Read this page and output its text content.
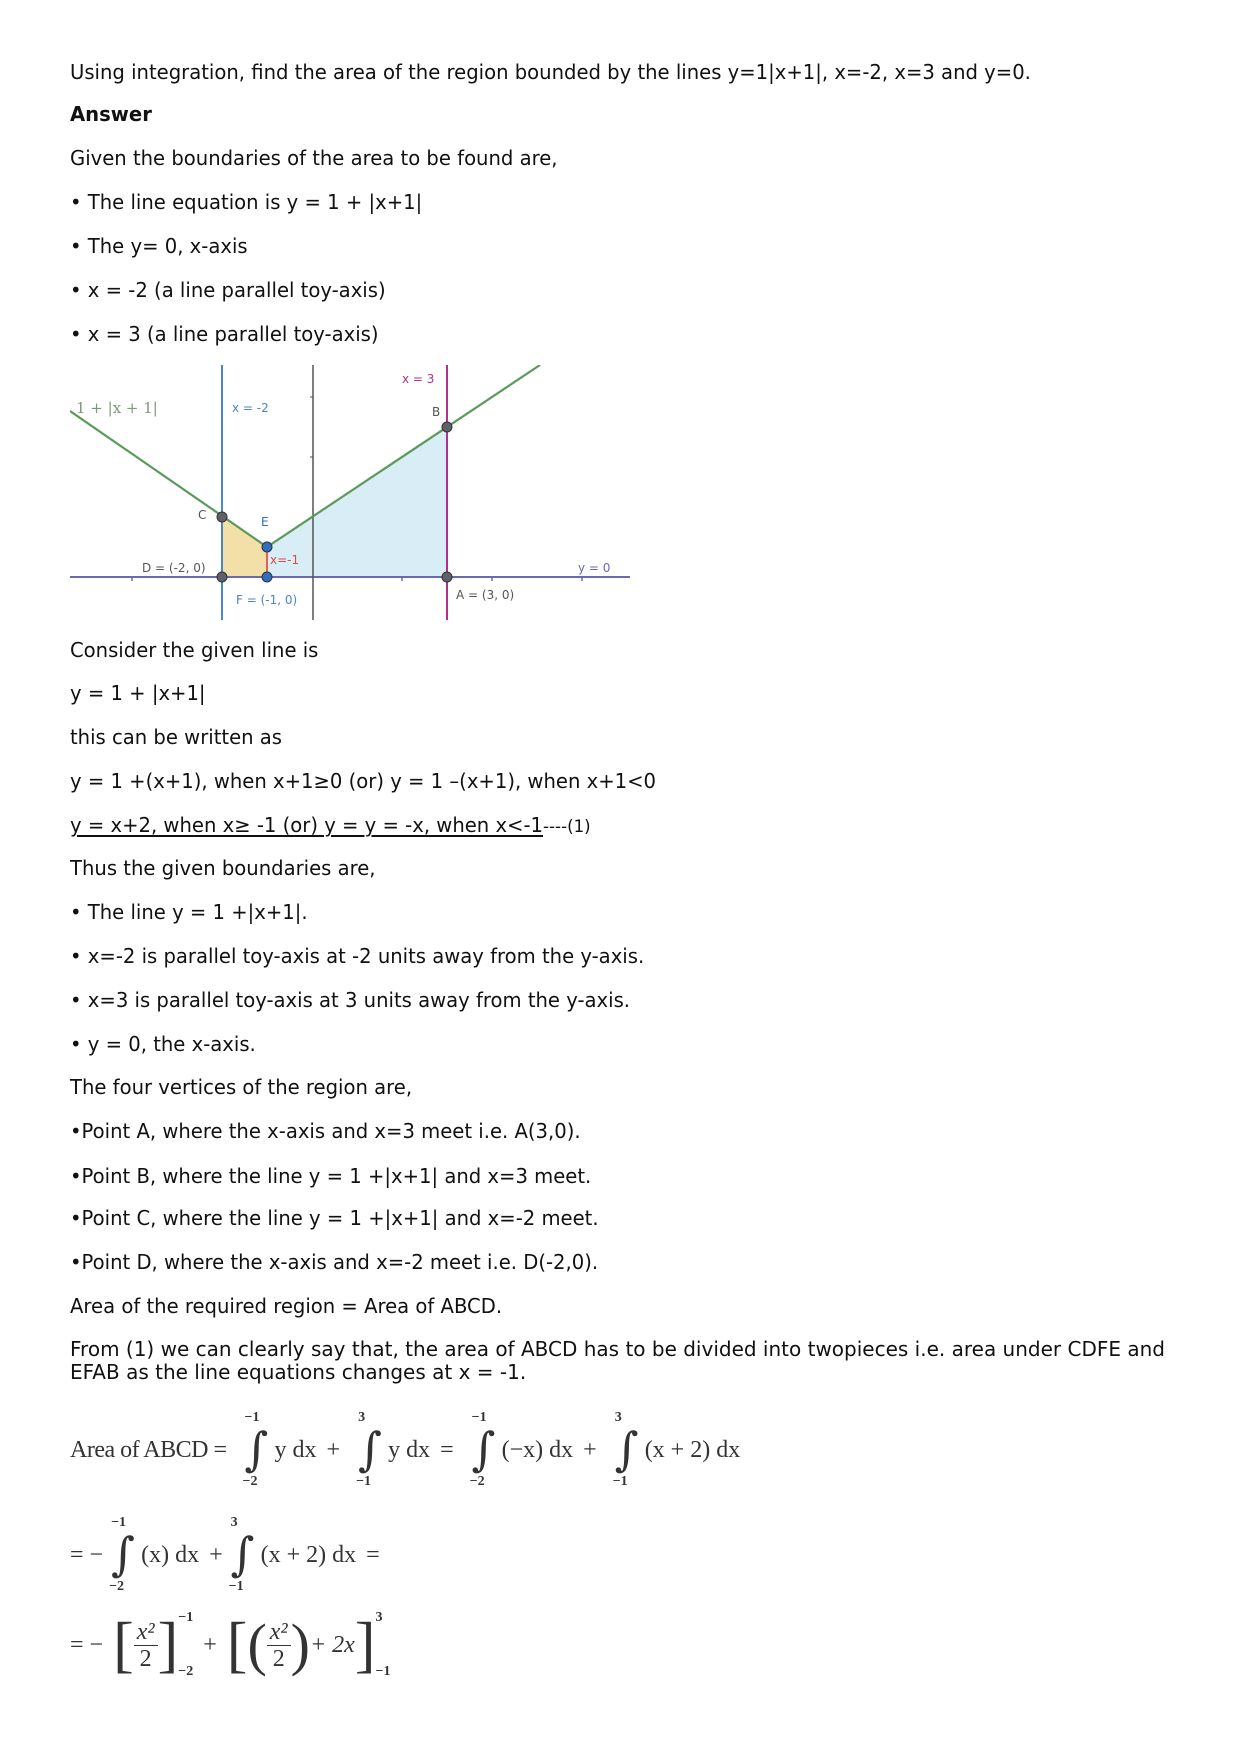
Using integration, find the area of the region bounded by the lines y=1|x+1|, x=-2, x=3 and y=0.
Answer
Given the boundaries of the area to be found are,
• The line equation is y = 1 + |x+1|
• The y= 0, x-axis
• x = -2 (a line parallel toy-axis)
• x = 3 (a line parallel toy-axis)
1 + |x + 1|	x = -2
x = 3
x=-1
y = 0
B
C	E
D = (-2, 0)
F = (-1, 0)	A = (3, 0)
Consider the given line is
y = 1 + |x+1|
this can be written as
y = 1 +(x+1), when x+1≥0 (or) y = 1 –(x+1), when x+1<0
y = x+2, when x≥ -1 (or) y = y = -x, when x<-1----(1)
Thus the given boundaries are,
• The line y = 1 +|x+1|.
• x=-2 is parallel toy-axis at -2 units away from the y-axis.
• x=3 is parallel toy-axis at 3 units away from the y-axis.
• y = 0, the x-axis.
The four vertices of the region are,
•Point A, where the x-axis and x=3 meet i.e. A(3,0).
•Point B, where the line y = 1 +|x+1| and x=3 meet.
•Point C, where the line y = 1 +|x+1| and x=-2 meet.
•Point D, where the x-axis and x=-2 meet i.e. D(-2,0).
Area of the required region = Area of ABCD.
From (1) we can clearly say that, the area of ABCD has to be divided into twopieces i.e. area under CDFE and EFAB as the line equations changes at x = -1.
Area of ABCD =
−1
∫
−2
y dx +
3
∫
−1
y dx =
−1
∫
−2
(−x) dx +
3
∫
−1
(x + 2) dx
= −
−1
∫
−2
(x) dx +
3
∫
−1
(x + 2) dx =
= − [ $\frac{\text{x²}}{2}$ ] −1
−2
+ [ ( $\frac{\text{x²}}{2}$ ) + 2x ] 3
−1
